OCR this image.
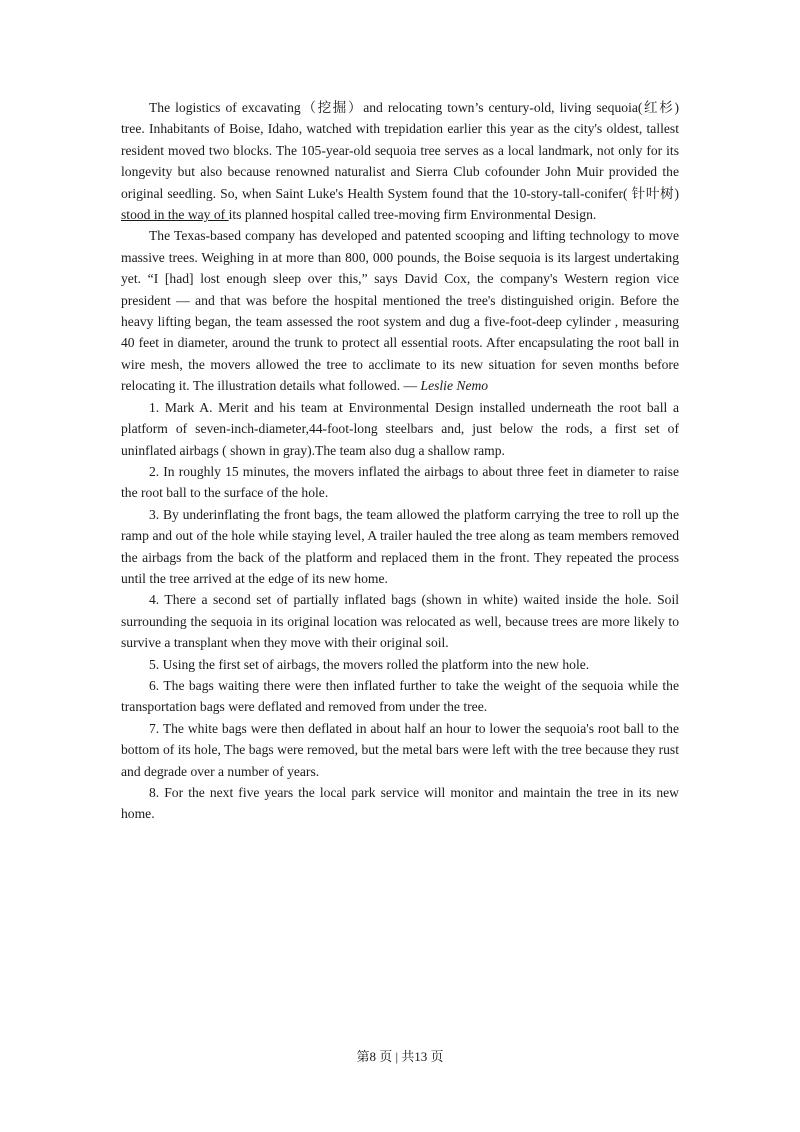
The logistics of excavating（挖掘）and relocating town’s century-old, living sequoia(红杉) tree. Inhabitants of Boise, Idaho, watched with trepidation earlier this year as the city's oldest, tallest resident moved two blocks. The 105-year-old sequoia tree serves as a local landmark, not only for its longevity but also because renowned naturalist and Sierra Club cofounder John Muir provided the original seedling. So, when Saint Luke's Health System found that the 10-story-tall-conifer( 针叶树) stood in the way of its planned hospital called tree-moving firm Environmental Design.

The Texas-based company has developed and patented scooping and lifting technology to move massive trees. Weighing in at more than 800, 000 pounds, the Boise sequoia is its largest undertaking yet. “I [had] lost enough sleep over this,” says David Cox, the company's Western region vice president — and that was before the hospital mentioned the tree's distinguished origin. Before the heavy lifting began, the team assessed the root system and dug a five-foot-deep cylinder , measuring 40 feet in diameter, around the trunk to protect all essential roots. After encapsulating the root ball in wire mesh, the movers allowed the tree to acclimate to its new situation for seven months before relocating it. The illustration details what followed. — Leslie Nemo

1. Mark A. Merit and his team at Environmental Design installed underneath the root ball a platform of seven-inch-diameter,44-foot-long steelbars and, just below the rods, a first set of uninflated airbags ( shown in gray).The team also dug a shallow ramp.

2. In roughly 15 minutes, the movers inflated the airbags to about three feet in diameter to raise the root ball to the surface of the hole.

3. By underinflating the front bags, the team allowed the platform carrying the tree to roll up the ramp and out of the hole while staying level, A trailer hauled the tree along as team members removed the airbags from the back of the platform and replaced them in the front. They repeated the process until the tree arrived at the edge of its new home.

4. There a second set of partially inflated bags (shown in white) waited inside the hole. Soil surrounding the sequoia in its original location was relocated as well, because trees are more likely to survive a transplant when they move with their original soil.

5. Using the first set of airbags, the movers rolled the platform into the new hole.

6. The bags waiting there were then inflated further to take the weight of the sequoia while the transportation bags were deflated and removed from under the tree.

7. The white bags were then deflated in about half an hour to lower the sequoia's root ball to the bottom of its hole, The bags were removed, but the metal bars were left with the tree because they rust and degrade over a number of years.

8. For the next five years the local park service will monitor and maintain the tree in its new home.

第8 页 | 共13 页
